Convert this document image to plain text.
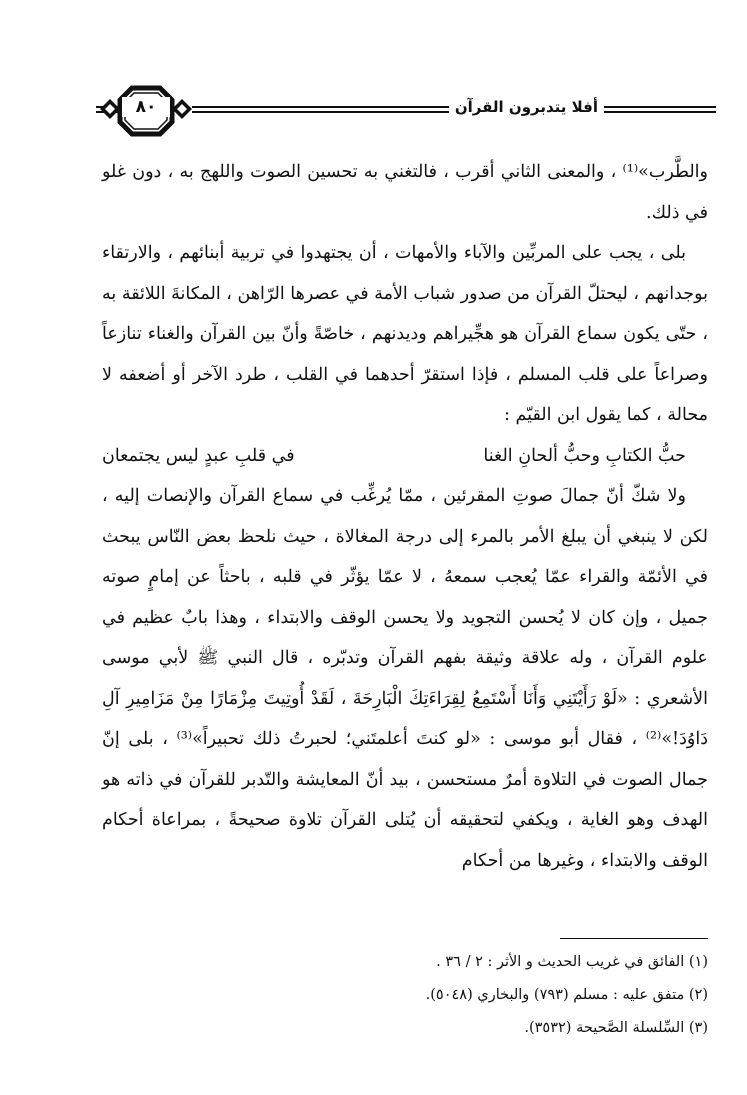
٨٠	أفلا يتدبرون القرآن

والطَّرب»⁽¹⁾ ، والمعنى الثاني أقرب ، فالتغني به تحسين الصوت واللهج به ، دون غلو في ذلك.

بلى ، يجب على المربِّين والآباء والأمهات ، أن يجتهدوا في تربية أبنائهم ، والارتقاء بوجدانهم ، ليحتلّ القرآن من صدور شباب الأمة في عصرها الرّاهن ، المكانةَ اللائقة به ، حتّى يكون سماع القرآن هو هجِّيراهم وديدنهم ، خاصّةً وأنّ بين القرآن والغناء تنازعاً وصراعاً على قلب المسلم ، فإذا استقرّ أحدهما في القلب ، طرد الآخر أو أضعفه لا محالة ، كما يقول ابن القيّم :

حبُّ الكتابِ وحبُّ ألحانِ الغنا
في قلبِ عبدٍ ليس يجتمعان

ولا شكّ أنّ جمالَ صوتِ المقرئين ، ممّا يُرغِّب في سماع القرآن والإنصات إليه ، لكن لا ينبغي أن يبلغ الأمر بالمرء إلى درجة المغالاة ، حيث نلحظ بعض النّاس يبحث في الأئمّة والقراء عمّا يُعجب سمعهُ ، لا عمّا يؤثّر في قلبه ، باحثاً عن إمامٍ صوته جميل ، وإن كان لا يُحسن التجويد ولا يحسن الوقف والابتداء ، وهذا بابٌ عظيم في علوم القرآن ، وله علاقة وثيقة بفهم القرآن وتدبّره ، قال النبي ﷺ لأبي موسى الأشعري : «لَوْ رَأَيْتَنِي وَأَنَا أَسْتَمِعُ لِقِرَاءَتِكَ الْبَارِحَةَ ، لَقَدْ أُوتِيتَ مِزْمَارًا مِنْ مَزَامِيرِ آلِ دَاوُدَ!»⁽²⁾ ، فقال أبو موسى : «لو كنتَ أعلمتَني؛ لحبرتُ ذلك تحبيراً»⁽³⁾ ، بلى إنّ جمال الصوت في التلاوة أمرٌ مستحسن ، بيد أنّ المعايشة والتّدبر للقرآن في ذاته هو الهدف وهو الغاية ، ويكفي لتحقيقه أن يُتلى القرآن تلاوة صحيحةً ، بمراعاة أحكام الوقف والابتداء ، وغيرها من أحكام

(١) الفائق في غريب الحديث و الأثر : ٢ / ٣٦ .
(٢) متفق عليه : مسلم (٧٩٣) والبخاري (٥٠٤٨).
(٣) السِّلسلة الصَّحيحة (٣٥٣٢).
